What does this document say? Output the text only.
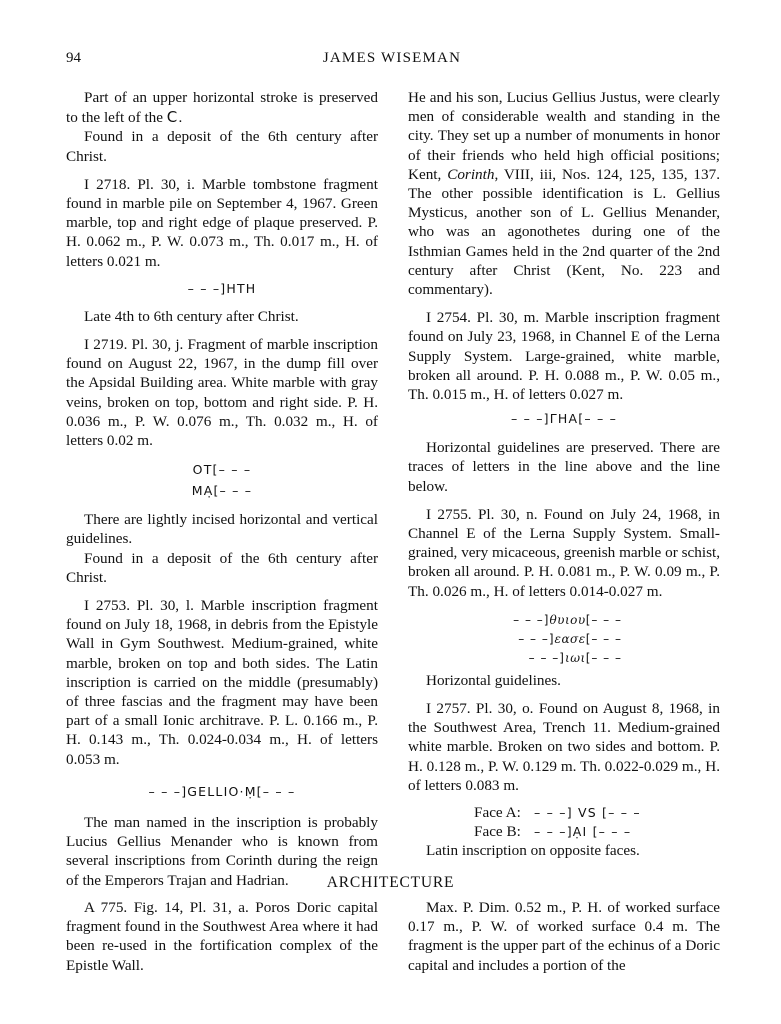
94	JAMES WISEMAN

Part of an upper horizontal stroke is preserved to the left of the C.

Found in a deposit of the 6th century after Christ.

I 2718. Pl. 30, i. Marble tombstone fragment found in marble pile on September 4, 1967. Green marble, top and right edge of plaque preserved. P. H. 0.062 m., P. W. 0.073 m., Th. 0.017 m., H. of letters 0.021 m.

– – –]ΗΤΗ

Late 4th to 6th century after Christ.

I 2719. Pl. 30, j. Fragment of marble inscription found on August 22, 1967, in the dump fill over the Apsidal Building area. White marble with gray veins, broken on top, bottom and right side. P. H. 0.036 m., P. W. 0.076 m., Th. 0.032 m., H. of letters 0.02 m.

ΟΤ[– – –

ΜΑ̣[– – –

There are lightly incised horizontal and vertical guidelines.

Found in a deposit of the 6th century after Christ.

I 2753. Pl. 30, l. Marble inscription fragment found on July 18, 1968, in debris from the Epistyle Wall in Gym Southwest. Medium-grained, white marble, broken on top and both sides. The Latin inscription is carried on the middle (presumably) of three fascias and the fragment may have been part of a small Ionic architrave. P. L. 0.166 m., P. H. 0.143 m., Th. 0.024-0.034 m., H. of letters 0.053 m.

– – –]GELLIO·Ṃ[– – –

The man named in the inscription is probably Lucius Gellius Menander who is known from several inscriptions from Corinth during the reign of the Emperors Trajan and Hadrian.

He and his son, Lucius Gellius Justus, were clearly men of considerable wealth and standing in the city. They set up a number of monuments in honor of their friends who held high official positions; Kent, Corinth, VIII, iii, Nos. 124, 125, 135, 137. The other possible identification is L. Gellius Mysticus, another son of L. Gellius Menander, who was an agonothetes during one of the Isthmian Games held in the 2nd quarter of the 2nd century after Christ (Kent, No. 223 and commentary).

I 2754. Pl. 30, m. Marble inscription fragment found on July 23, 1968, in Channel E of the Lerna Supply System. Large-grained, white marble, broken all around. P. H. 0.088 m., P. W. 0.05 m., Th. 0.015 m., H. of letters 0.027 m.

– – –]ΓΗΑ[– – –

Horizontal guidelines are preserved. There are traces of letters in the line above and the line below.

I 2755. Pl. 30, n. Found on July 24, 1968, in Channel E of the Lerna Supply System. Small-grained, very micaceous, greenish marble or schist, broken all around. P. H. 0.081 m., P. W. 0.09 m., P. Th. 0.026 m., H. of letters 0.014-0.027 m.

– – –]θυιου[– – –

– – –]εασε[– – –

– – –]ιωι[– – –

Horizontal guidelines.

I 2757. Pl. 30, o. Found on August 8, 1968, in the Southwest Area, Trench 11. Medium-grained white marble. Broken on two sides and bottom. P. H. 0.128 m., P. W. 0.129 m. Th. 0.022-0.029 m., H. of letters 0.083 m.

Face A: – – –] VS [– – –

Face B: – – –]ẠI [– – –

Latin inscription on opposite faces.

ARCHITECTURE

A 775. Fig. 14, Pl. 31, a. Poros Doric capital fragment found in the Southwest Area where it had been re-used in the fortification complex of the Epistle Wall.

Max. P. Dim. 0.52 m., P. H. of worked surface 0.17 m., P. W. of worked surface 0.4 m. The fragment is the upper part of the echinus of a Doric capital and includes a portion of the
